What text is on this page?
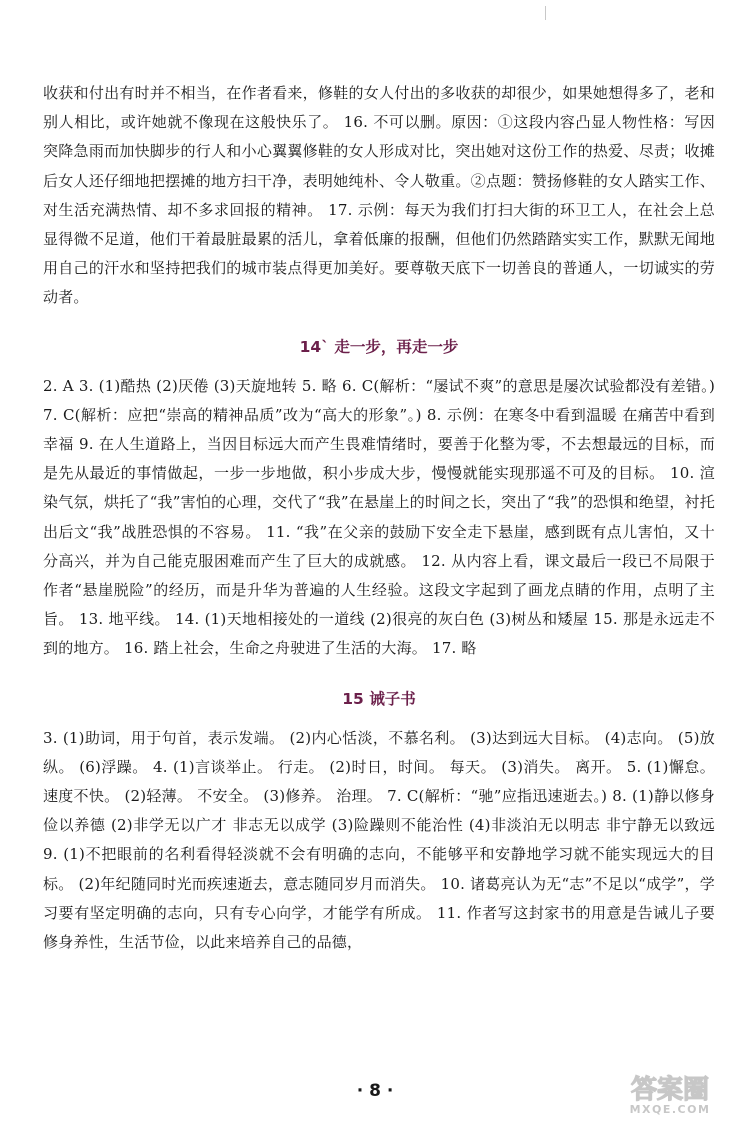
收获和付出有时并不相当，在作者看来，修鞋的女人付出的多收获的却很少，如果她想得多了，老和别人相比，或许她就不像现在这般快乐了。 16. 不可以删。原因：①这段内容凸显人物性格：写因突降急雨而加快脚步的行人和小心翼翼修鞋的女人形成对比，突出她对这份工作的热爱、尽责；收摊后女人还仔细地把摆摊的地方扫干净，表明她纯朴、令人敬重。②点题：赞扬修鞋的女人踏实工作、对生活充满热情、却不多求回报的精神。 17. 示例：每天为我们打扫大街的环卫工人，在社会上总显得微不足道，他们干着最脏最累的活儿，拿着低廉的报酬，但他们仍然踏踏实实工作，默默无闻地用自己的汗水和坚持把我们的城市装点得更加美好。要尊敬天底下一切善良的普通人，一切诚实的劳动者。

14` 走一步，再走一步

2. A 3. (1)酷热 (2)厌倦 (3)天旋地转 5. 略 6. C(解析：“屡试不爽”的意思是屡次试验都没有差错。) 7. C(解析：应把“崇高的精神品质”改为“高大的形象”。) 8. 示例：在寒冬中看到温暖 在痛苦中看到幸福 9. 在人生道路上，当因目标远大而产生畏难情绪时，要善于化整为零，不去想最远的目标，而是先从最近的事情做起，一步一步地做，积小步成大步，慢慢就能实现那遥不可及的目标。 10. 渲染气氛，烘托了“我”害怕的心理，交代了“我”在悬崖上的时间之长，突出了“我”的恐惧和绝望，衬托出后文“我”战胜恐惧的不容易。 11. “我”在父亲的鼓励下安全走下悬崖，感到既有点儿害怕，又十分高兴，并为自己能克服困难而产生了巨大的成就感。 12. 从内容上看，课文最后一段已不局限于作者“悬崖脱险”的经历，而是升华为普遍的人生经验。这段文字起到了画龙点睛的作用，点明了主旨。 13. 地平线。 14. (1)天地相接处的一道线 (2)很亮的灰白色 (3)树丛和矮屋 15. 那是永远走不到的地方。 16. 踏上社会，生命之舟驶进了生活的大海。 17. 略

15 诫子书

3. (1)助词，用于句首，表示发端。 (2)内心恬淡，不慕名利。 (3)达到远大目标。 (4)志向。 (5)放纵。 (6)浮躁。 4. (1)言谈举止。 行走。 (2)时日，时间。 每天。 (3)消失。 离开。 5. (1)懈怠。 速度不快。 (2)轻薄。 不安全。 (3)修养。 治理。 7. C(解析：“驰”应指迅速逝去。) 8. (1)静以修身 俭以养德 (2)非学无以广才 非志无以成学 (3)险躁则不能治性 (4)非淡泊无以明志 非宁静无以致远 9. (1)不把眼前的名利看得轻淡就不会有明确的志向，不能够平和安静地学习就不能实现远大的目标。 (2)年纪随同时光而疾速逝去，意志随同岁月而消失。 10. 诸葛亮认为无“志”不足以“成学”，学习要有坚定明确的志向，只有专心向学，才能学有所成。 11. 作者写这封家书的用意是告诫儿子要修身养性，生活节俭，以此来培养自己的品德，

· 8 ·	答案圈
MXQE.COM
